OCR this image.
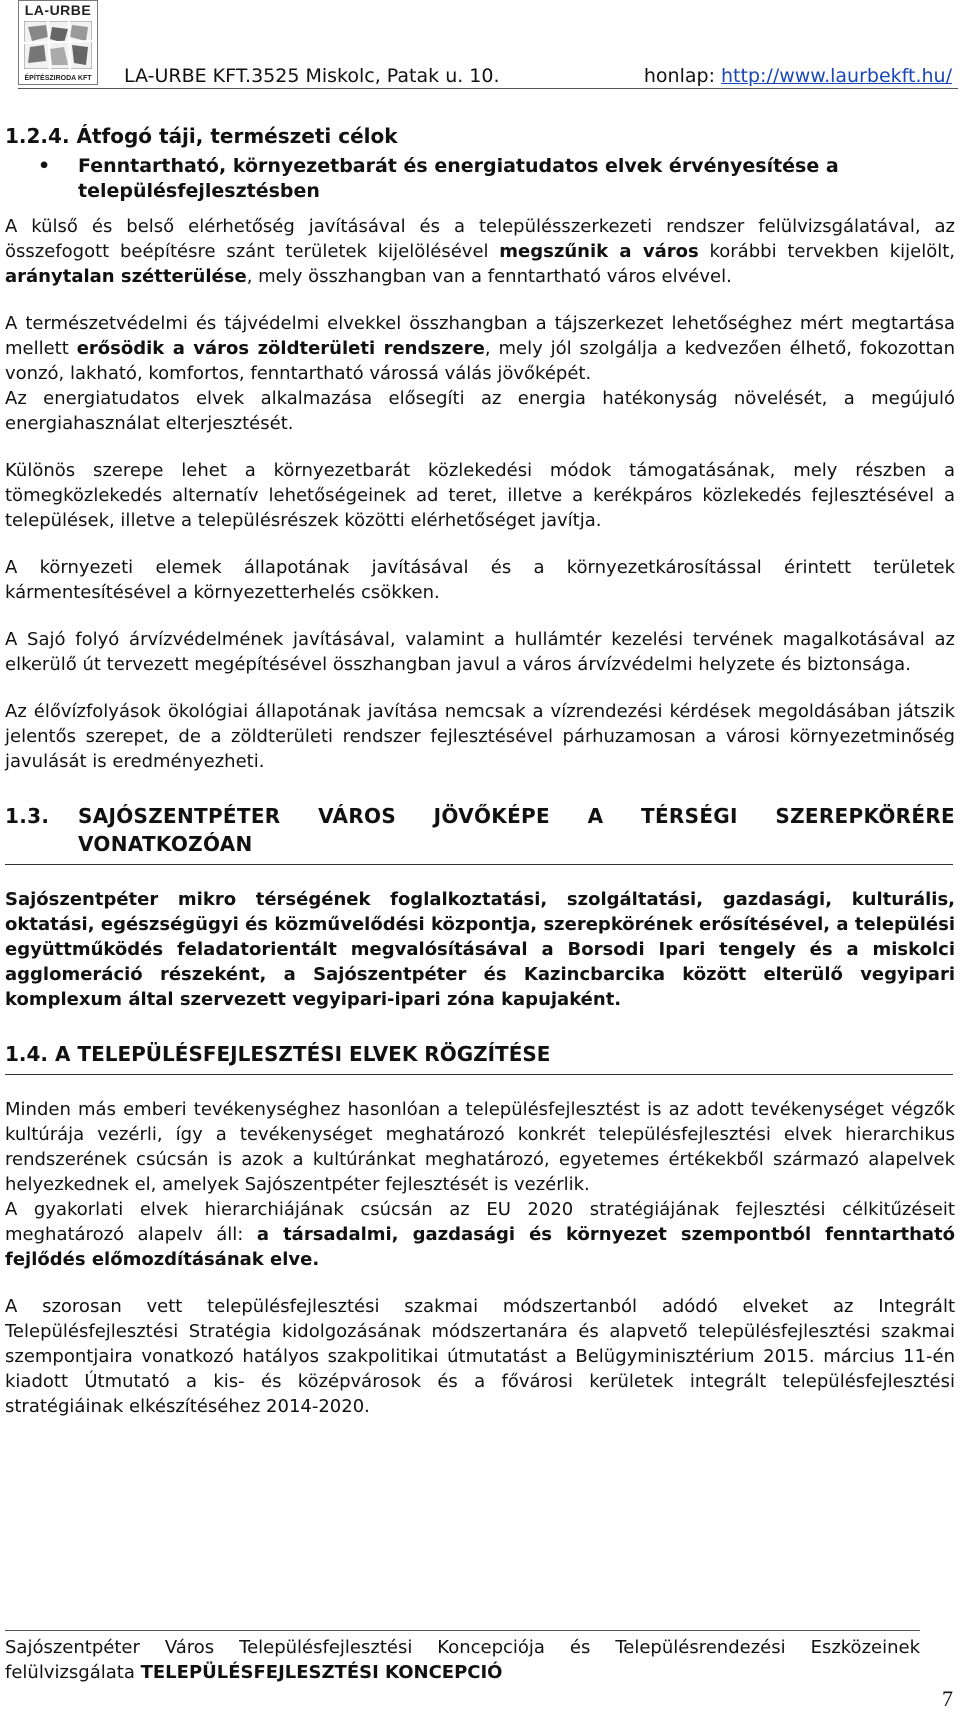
LA-URBE
ÉPÍTÉSZIRODA KFT LA-URBE KFT.3525 Miskolc, Patak u. 10.	honlap: http://www.laurbekft.hu/
1.2.4. Átfogó táji, természeti célok
• Fenntartható, környezetbarát és energiatudatos elvek érvényesítése a településfejlesztésben

A külső és belső elérhetőség javításával és a településszerkezeti rendszer felülvizsgálatával, az összefogott beépítésre szánt területek kijelölésével megszűnik a város korábbi tervekben kijelölt, aránytalan szétterülése, mely összhangban van a fenntartható város elvével.

A természetvédelmi és tájvédelmi elvekkel összhangban a tájszerkezet lehetőséghez mért megtartása mellett erősödik a város zöldterületi rendszere, mely jól szolgálja a kedvezően élhető, fokozottan vonzó, lakható, komfortos, fenntartható várossá válás jövőképét.

Az energiatudatos elvek alkalmazása elősegíti az energia hatékonyság növelését, a megújuló energiahasználat elterjesztését.

Különös szerepe lehet a környezetbarát közlekedési módok támogatásának, mely részben a tömegközlekedés alternatív lehetőségeinek ad teret, illetve a kerékpáros közlekedés fejlesztésével a települések, illetve a településrészek közötti elérhetőséget javítja.

A környezeti elemek állapotának javításával és a környezetkárosítással érintett területek kármentesítésével a környezetterhelés csökken.

A Sajó folyó árvízvédelmének javításával, valamint a hullámtér kezelési tervének magalkotásával az elkerülő út tervezett megépítésével összhangban javul a város árvízvédelmi helyzete és biztonsága.

Az élővízfolyások ökológiai állapotának javítása nemcsak a vízrendezési kérdések megoldásában játszik jelentős szerepet, de a zöldterületi rendszer fejlesztésével párhuzamosan a városi környezetminőség javulását is eredményezheti.

1.3. SAJÓSZENTPÉTER VÁROS JÖVŐKÉPE A TÉRSÉGI SZEREPKÖRÉRE VONATKOZÓAN

Sajószentpéter mikro térségének foglalkoztatási, szolgáltatási, gazdasági, kulturális, oktatási, egészségügyi és közművelődési központja, szerepkörének erősítésével, a települési együttműködés feladatorientált megvalósításával a Borsodi Ipari tengely és a miskolci agglomeráció részeként, a Sajószentpéter és Kazincbarcika között elterülő vegyipari komplexum által szervezett vegyipari-ipari zóna kapujaként.

1.4. A TELEPÜLÉSFEJLESZTÉSI ELVEK RÖGZÍTÉSE

Minden más emberi tevékenységhez hasonlóan a településfejlesztést is az adott tevékenységet végzők kultúrája vezérli, így a tevékenységet meghatározó konkrét településfejlesztési elvek hierarchikus rendszerének csúcsán is azok a kultúránkat meghatározó, egyetemes értékekből származó alapelvek helyezkednek el, amelyek Sajószentpéter fejlesztését is vezérlik.

A gyakorlati elvek hierarchiájának csúcsán az EU 2020 stratégiájának fejlesztési célkitűzéseit meghatározó alapelv áll: a társadalmi, gazdasági és környezet szempontból fenntartható fejlődés előmozdításának elve.

A szorosan vett településfejlesztési szakmai módszertanból adódó elveket az Integrált Településfejlesztési Stratégia kidolgozásának módszertanára és alapvető településfejlesztési szakmai szempontjaira vonatkozó hatályos szakpolitikai útmutatást a Belügyminisztérium 2015. március 11-én kiadott Útmutató a kis- és középvárosok és a fővárosi kerületek integrált településfejlesztési stratégiáinak elkészítéséhez 2014-2020.

Sajószentpéter Város Településfejlesztési Koncepciója és Településrendezési Eszközeinek felülvizsgálata TELEPÜLÉSFEJLESZTÉSI KONCEPCIÓ
7
